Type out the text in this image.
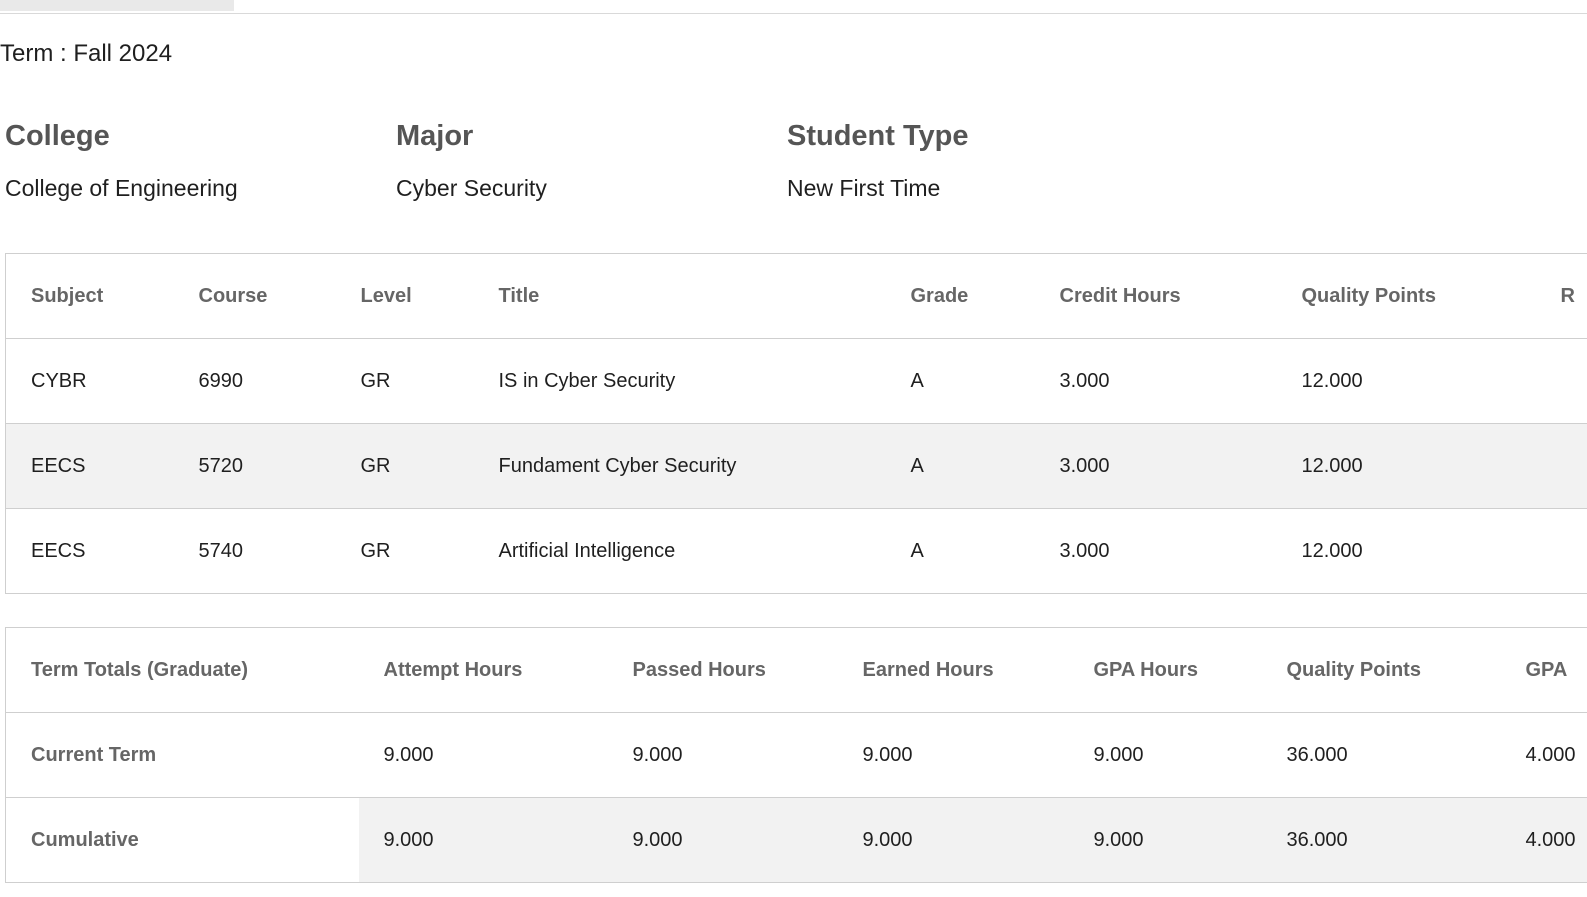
Term : Fall 2024
College
College of Engineering
Major
Cyber Security
Student Type
New First Time
Subject	Course	Level	Title	Grade	Credit Hours	Quality Points	R
CYBR	6990	GR	IS in Cyber Security	A	3.000	12.000	
EECS	5720	GR	Fundament Cyber Security	A	3.000	12.000	
EECS	5740	GR	Artificial Intelligence	A	3.000	12.000	
Term Totals (Graduate)	Attempt Hours	Passed Hours	Earned Hours	GPA Hours	Quality Points	GPA
Current Term	9.000	9.000	9.000	9.000	36.000	4.000
Cumulative	9.000	9.000	9.000	9.000	36.000	4.000
